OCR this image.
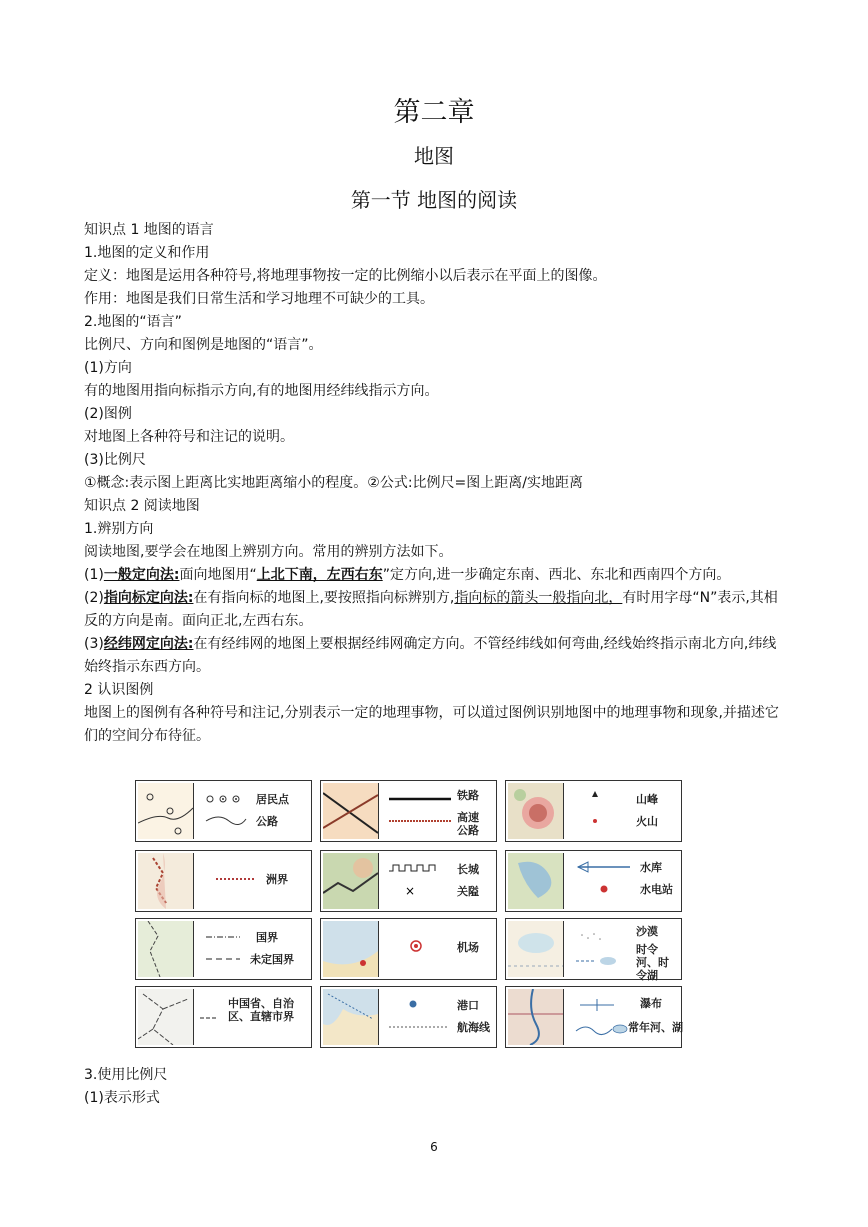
第二章
地图
第一节 地图的阅读

知识点 1 地图的语言

1.地图的定义和作用

定义：地图是运用各种符号,将地理事物按一定的比例缩小以后表示在平面上的图像。

作用：地图是我们日常生活和学习地理不可缺少的工具。

2.地图的“语言”

比例尺、方向和图例是地图的“语言”。

(1)方向

有的地图用指向标指示方向,有的地图用经纬线指示方向。

(2)图例

对地图上各种符号和注记的说明。

(3)比例尺

①概念:表示图上距离比实地距离缩小的程度。②公式:比例尺=图上距离/实地距离

知识点 2 阅读地图

1.辨别方向

阅读地图,要学会在地图上辨别方向。常用的辨别方法如下。

(1)一般定向法:面向地图用“上北下南，左西右东”定方向,进一步确定东南、西北、东北和西南四个方向。

(2)指向标定向法:在有指向标的地图上,要按照指向标辨别方,指向标的箭头一般指向北，有时用字母“N”表示,其相反的方向是南。面向正北,左西右东。

(3)经纬网定向法:在有经纬网的地图上要根据经纬网确定方向。不管经纬线如何弯曲,经线始终指示南北方向,纬线始终指示东西方向。

2 认识图例

地图上的图例有各种符号和注记,分别表示一定的地理事物，可以道过图例识别地图中的地理事物和现象,并描述它们的空间分布待征。

居民点
公路
铁路
高速公路
山峰
火山
洲界
×
长城
关隘
水库
水电站
国界
未定国界
机场
沙漠
时令河、时令湖
中国省、自治区、直辖市界
港口
航海线
瀑布
常年河、湖

3.使用比例尺

(1)表示形式

6
